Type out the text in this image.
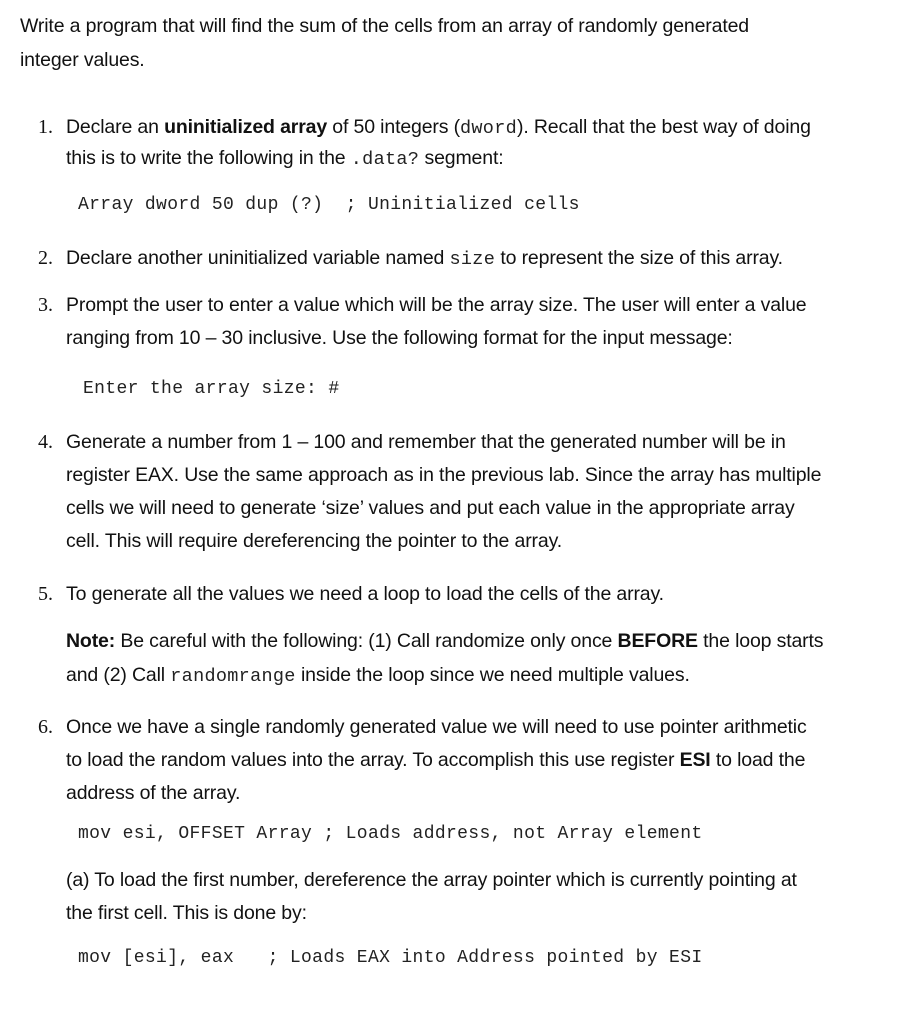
Write a program that will find the sum of the cells from an array of randomly generated
integer values.
1. Declare an uninitialized array of 50 integers (dword). Recall that the best way of doing
this is to write the following in the .data? segment:
Array dword 50 dup (?)  ; Uninitialized cells
2. Declare another uninitialized variable named size to represent the size of this array.
3. Prompt the user to enter a value which will be the array size. The user will enter a value
ranging from 10 – 30 inclusive. Use the following format for the input message:
Enter the array size: #
4. Generate a number from 1 – 100 and remember that the generated number will be in
register EAX. Use the same approach as in the previous lab. Since the array has multiple
cells we will need to generate ‘size’ values and put each value in the appropriate array
cell. This will require dereferencing the pointer to the array.
5. To generate all the values we need a loop to load the cells of the array.
Note: Be careful with the following: (1) Call randomize only once BEFORE the loop starts
and (2) Call randomrange inside the loop since we need multiple values.
6. Once we have a single randomly generated value we will need to use pointer arithmetic
to load the random values into the array. To accomplish this use register ESI to load the
address of the array.
mov esi, OFFSET Array ; Loads address, not Array element
(a) To load the first number, dereference the array pointer which is currently pointing at
the first cell. This is done by:
mov [esi], eax   ; Loads EAX into Address pointed by ESI
